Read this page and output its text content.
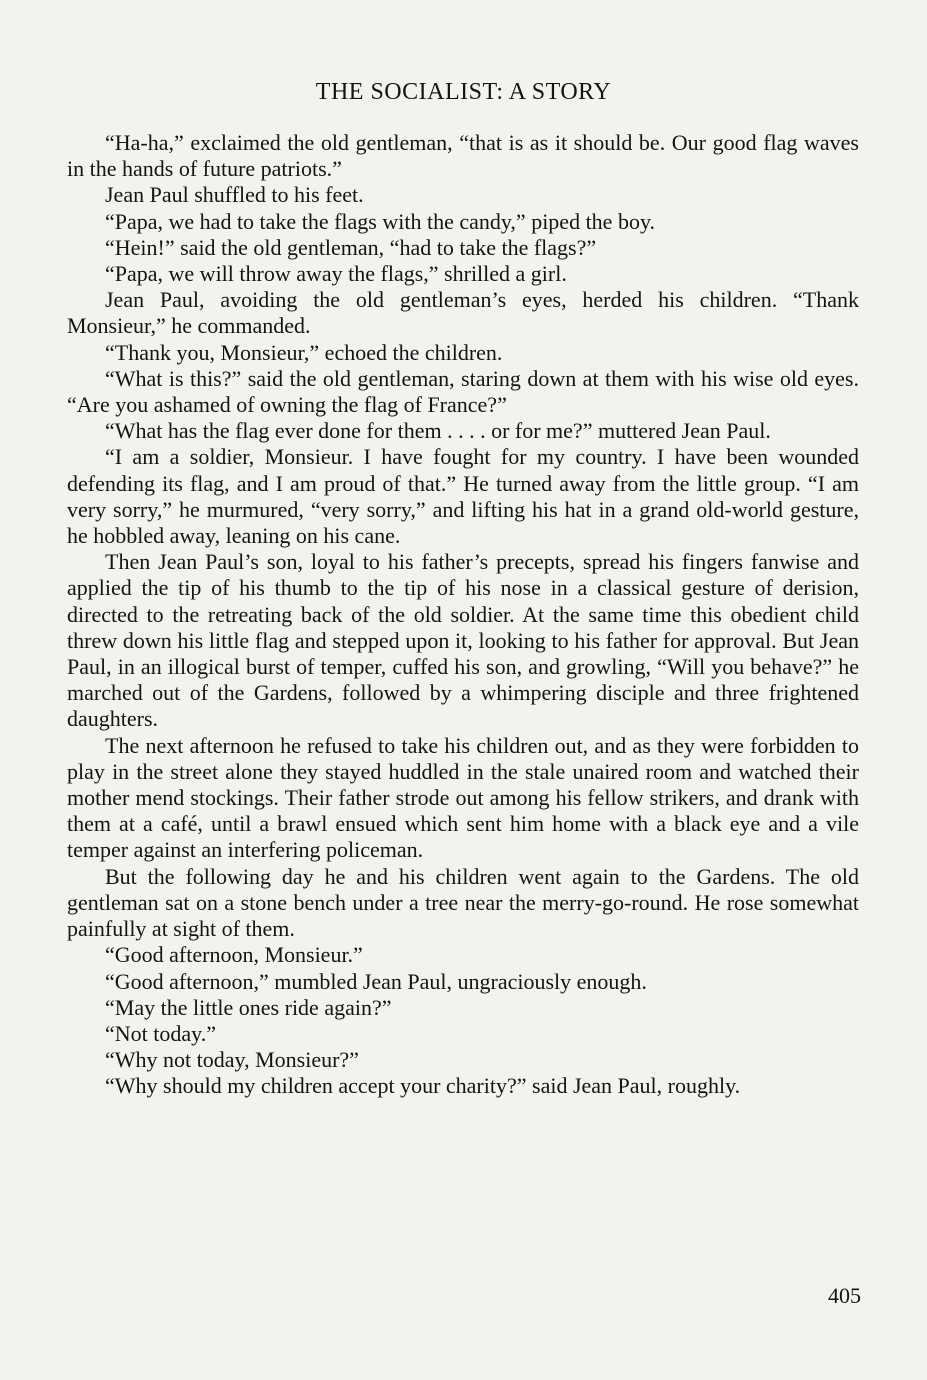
THE SOCIALIST: A STORY

“Ha-ha,” exclaimed the old gentleman, “that is as it should be. Our good flag waves in the hands of future patriots.”

Jean Paul shuffled to his feet.

“Papa, we had to take the flags with the candy,” piped the boy.

“Hein!” said the old gentleman, “had to take the flags?”

“Papa, we will throw away the flags,” shrilled a girl.

Jean Paul, avoiding the old gentleman’s eyes, herded his children. “Thank Monsieur,” he commanded.

“Thank you, Monsieur,” echoed the children.

“What is this?” said the old gentleman, staring down at them with his wise old eyes. “Are you ashamed of owning the flag of France?”

“What has the flag ever done for them . . . . or for me?” muttered Jean Paul.

“I am a soldier, Monsieur. I have fought for my country. I have been wounded defending its flag, and I am proud of that.” He turned away from the little group. “I am very sorry,” he murmured, “very sorry,” and lifting his hat in a grand old-world gesture, he hobbled away, leaning on his cane.

Then Jean Paul’s son, loyal to his father’s precepts, spread his fingers fanwise and applied the tip of his thumb to the tip of his nose in a classical gesture of derision, directed to the retreating back of the old soldier. At the same time this obedient child threw down his little flag and stepped upon it, looking to his father for approval. But Jean Paul, in an illogical burst of temper, cuffed his son, and growling, “Will you behave?” he marched out of the Gardens, followed by a whimpering disciple and three frightened daughters.

The next afternoon he refused to take his children out, and as they were forbidden to play in the street alone they stayed huddled in the stale unaired room and watched their mother mend stockings. Their father strode out among his fellow strikers, and drank with them at a café, until a brawl ensued which sent him home with a black eye and a vile temper against an interfering policeman.

But the following day he and his children went again to the Gardens. The old gentleman sat on a stone bench under a tree near the merry-go-round. He rose somewhat painfully at sight of them.

“Good afternoon, Monsieur.”

“Good afternoon,” mumbled Jean Paul, ungraciously enough.

“May the little ones ride again?”

“Not today.”

“Why not today, Monsieur?”

“Why should my children accept your charity?” said Jean Paul, roughly.

405
